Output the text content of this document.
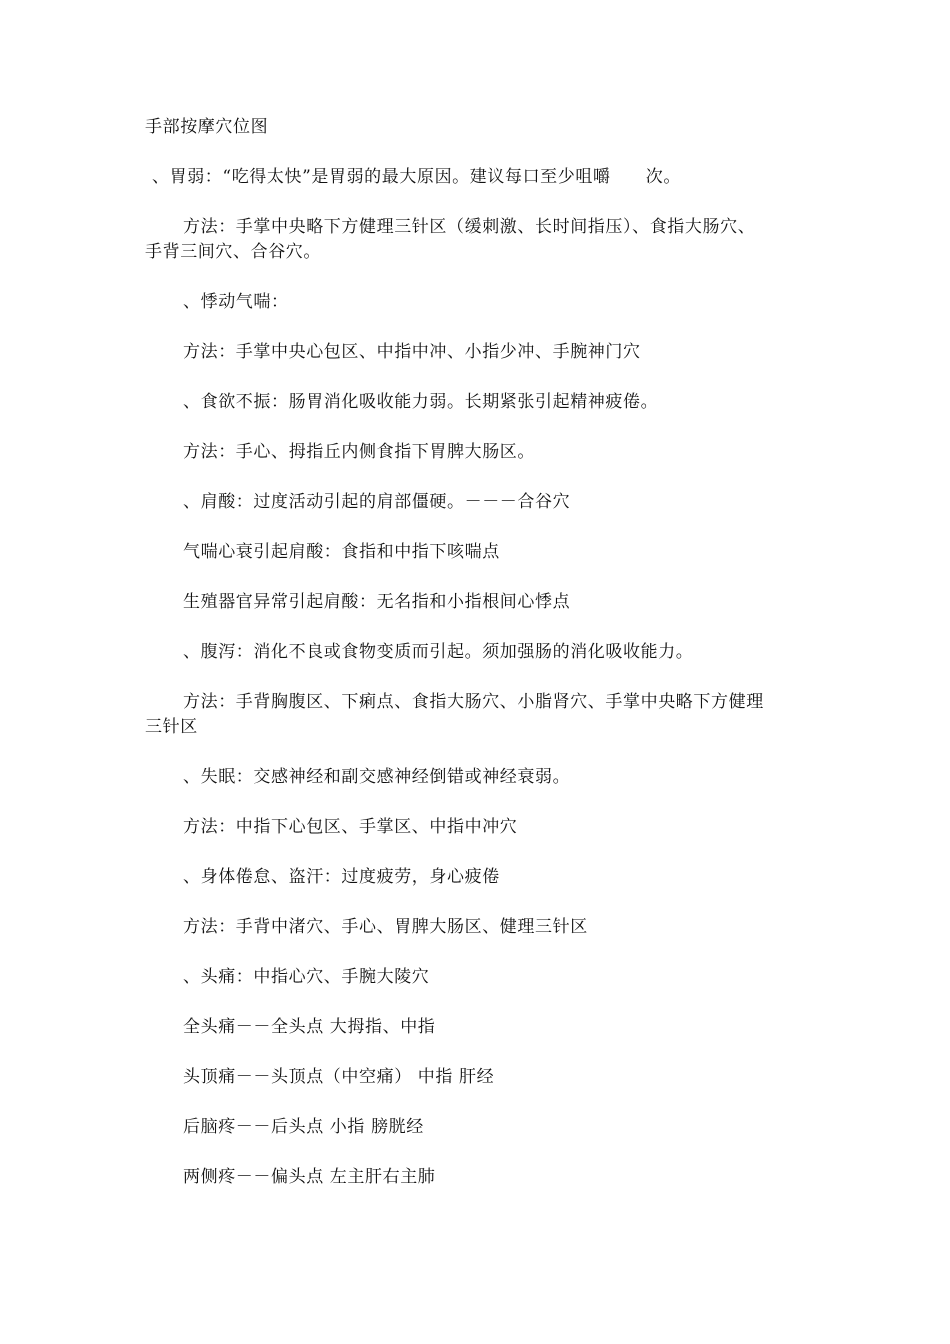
手部按摩穴位图
、胃弱：“吃得太快”是胃弱的最大原因。建议每口至少咀嚼　　次。
方法：手掌中央略下方健理三针区（缓刺激、长时间指压）、食指大肠穴、
手背三间穴、合谷穴。
、悸动气喘：
方法：手掌中央心包区、中指中冲、小指少冲、手腕神门穴
、食欲不振：肠胃消化吸收能力弱。长期紧张引起精神疲倦。
方法：手心、拇指丘内侧食指下胃脾大肠区。
、肩酸：过度活动引起的肩部僵硬。－－－合谷穴
气喘心衰引起肩酸：食指和中指下咳喘点
生殖器官异常引起肩酸：无名指和小指根间心悸点
、腹泻：消化不良或食物变质而引起。须加强肠的消化吸收能力。
方法：手背胸腹区、下痢点、食指大肠穴、小脂肾穴、手掌中央略下方健理
三针区
、失眠：交感神经和副交感神经倒错或神经衰弱。
方法：中指下心包区、手掌区、中指中冲穴
、身体倦怠、盗汗：过度疲劳，身心疲倦
方法：手背中渚穴、手心、胃脾大肠区、健理三针区
、头痛：中指心穴、手腕大陵穴
全头痛－－全头点 大拇指、中指
头顶痛－－头顶点（中空痛） 中指 肝经
后脑疼－－后头点 小指 膀胱经
两侧疼－－偏头点 左主肝右主肺
